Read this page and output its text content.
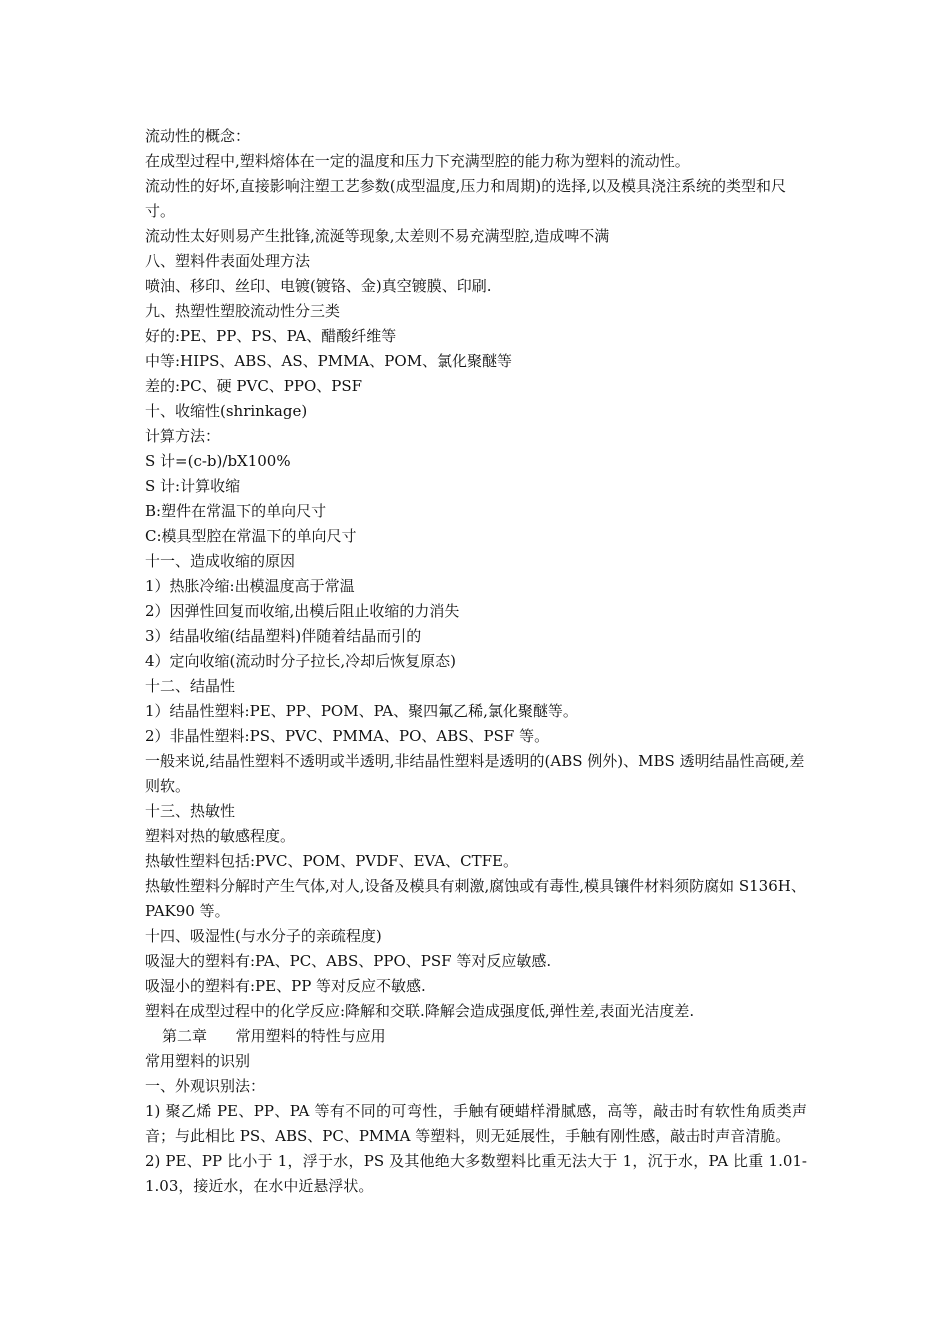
流动性的概念：

在成型过程中,塑料熔体在一定的温度和压力下充满型腔的能力称为塑料的流动性。

流动性的好坏,直接影响注塑工艺参数(成型温度,压力和周期)的选择,以及模具浇注系统的类型和尺寸。

流动性太好则易产生批锋,流涎等现象,太差则不易充满型腔,造成啤不满

八、塑料件表面处理方法

喷油、移印、丝印、电镀(镀铬、金)真空镀膜、印刷.

九、热塑性塑胶流动性分三类

好的:PE、PP、PS、PA、醋酸纤维等

中等:HIPS、ABS、AS、PMMA、POM、氯化聚醚等

差的:PC、硬 PVC、PPO、PSF

十、收缩性(shrinkage)

计算方法：

S 计=(c-b)/bX100%

S 计:计算收缩

B:塑件在常温下的单向尺寸

C:模具型腔在常温下的单向尺寸

十一、造成收缩的原因

1）热胀冷缩:出模温度高于常温

2）因弹性回复而收缩,出模后阻止收缩的力消失

3）结晶收缩(结晶塑料)伴随着结晶而引的

4）定向收缩(流动时分子拉长,冷却后恢复原态)

十二、结晶性

1）结晶性塑料:PE、PP、POM、PA、聚四氟乙稀,氯化聚醚等。

2）非晶性塑料:PS、PVC、PMMA、PO、ABS、PSF 等。

一般来说,结晶性塑料不透明或半透明,非结晶性塑料是透明的(ABS 例外)、MBS 透明结晶性高硬,差则软。

十三、热敏性

塑料对热的敏感程度。

热敏性塑料包括:PVC、POM、PVDF、EVA、CTFE。

热敏性塑料分解时产生气体,对人,设备及模具有刺激,腐蚀或有毒性,模具镶件材料须防腐如 S136H、PAK90 等。

十四、吸湿性(与水分子的亲疏程度)

吸湿大的塑料有:PA、PC、ABS、PPO、PSF 等对反应敏感.

吸湿小的塑料有:PE、PP 等对反应不敏感.

塑料在成型过程中的化学反应:降解和交联.降解会造成强度低,弹性差,表面光洁度差.

第二章      常用塑料的特性与应用

常用塑料的识别

一、外观识别法：

1) 聚乙烯 PE、PP、PA 等有不同的可弯性，手触有硬蜡样滑腻感，高等，敲击时有软性角质类声音；与此相比 PS、ABS、PC、PMMA 等塑料，则无延展性，手触有刚性感，敲击时声音清脆。

2) PE、PP 比小于 1，浮于水，PS 及其他绝大多数塑料比重无法大于 1，沉于水，PA 比重 1.01-1.03，接近水，在水中近悬浮状。
